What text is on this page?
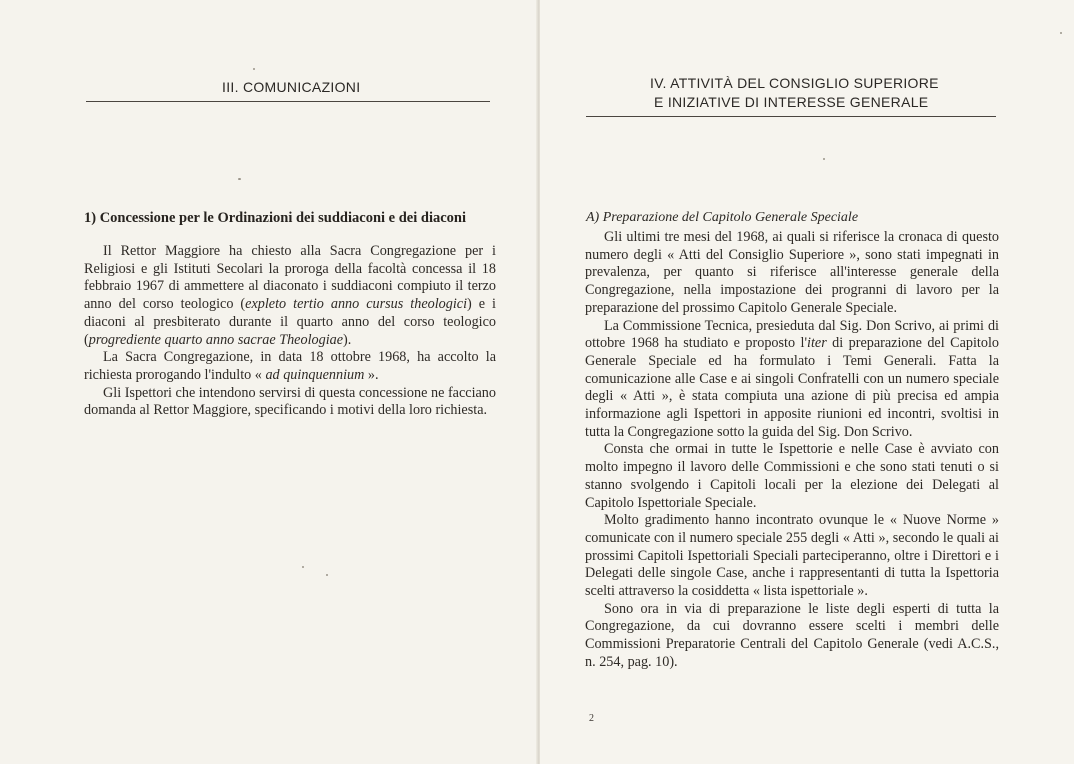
III. COMUNICAZIONI
1) Concessione per le Ordinazioni dei suddiaconi e dei diaconi

Il Rettor Maggiore ha chiesto alla Sacra Congregazione per i Religiosi e gli Istituti Secolari la proroga della facoltà concessa il 18 febbraio 1967 di ammettere al diaconato i suddiaconi compiuto il terzo anno del corso teologico (expleto tertio anno cursus theologici) e i diaconi al presbiterato durante il quarto anno del corso teologico (progrediente quarto anno sacrae Theologiae).

La Sacra Congregazione, in data 18 ottobre 1968, ha accolto la richiesta prorogando l'indulto « ad quinquennium ».

Gli Ispettori che intendono servirsi di questa concessione ne facciano domanda al Rettor Maggiore, specificando i motivi della loro richiesta.

IV. ATTIVITÀ DEL CONSIGLIO SUPERIORE
E INIZIATIVE DI INTERESSE GENERALE
A) Preparazione del Capitolo Generale Speciale

Gli ultimi tre mesi del 1968, ai quali si riferisce la cronaca di questo numero degli « Atti del Consiglio Superiore », sono stati impegnati in prevalenza, per quanto si riferisce all'interesse generale della Congregazione, nella impostazione dei progranni di lavoro per la preparazione del prossimo Capitolo Generale Speciale.

La Commissione Tecnica, presieduta dal Sig. Don Scrivo, ai primi di ottobre 1968 ha studiato e proposto l'iter di preparazione del Capitolo Generale Speciale ed ha formulato i Temi Generali. Fatta la comunicazione alle Case e ai singoli Confratelli con un numero speciale degli « Atti », è stata compiuta una azione di più precisa ed ampia informazione agli Ispettori in apposite riunioni ed incontri, svoltisi in tutta la Congregazione sotto la guida del Sig. Don Scrivo.

Consta che ormai in tutte le Ispettorie e nelle Case è avviato con molto impegno il lavoro delle Commissioni e che sono stati tenuti o si stanno svolgendo i Capitoli locali per la elezione dei Delegati al Capitolo Ispettoriale Speciale.

Molto gradimento hanno incontrato ovunque le « Nuove Norme » comunicate con il numero speciale 255 degli « Atti », secondo le quali ai prossimi Capitoli Ispettoriali Speciali parteciperanno, oltre i Direttori e i Delegati delle singole Case, anche i rappresentanti di tutta la Ispettoria scelti attraverso la cosiddetta « lista ispettoriale ».

Sono ora in via di preparazione le liste degli esperti di tutta la Congregazione, da cui dovranno essere scelti i membri delle Commissioni Preparatorie Centrali del Capitolo Generale (vedi A.C.S., n. 254, pag. 10).

2
